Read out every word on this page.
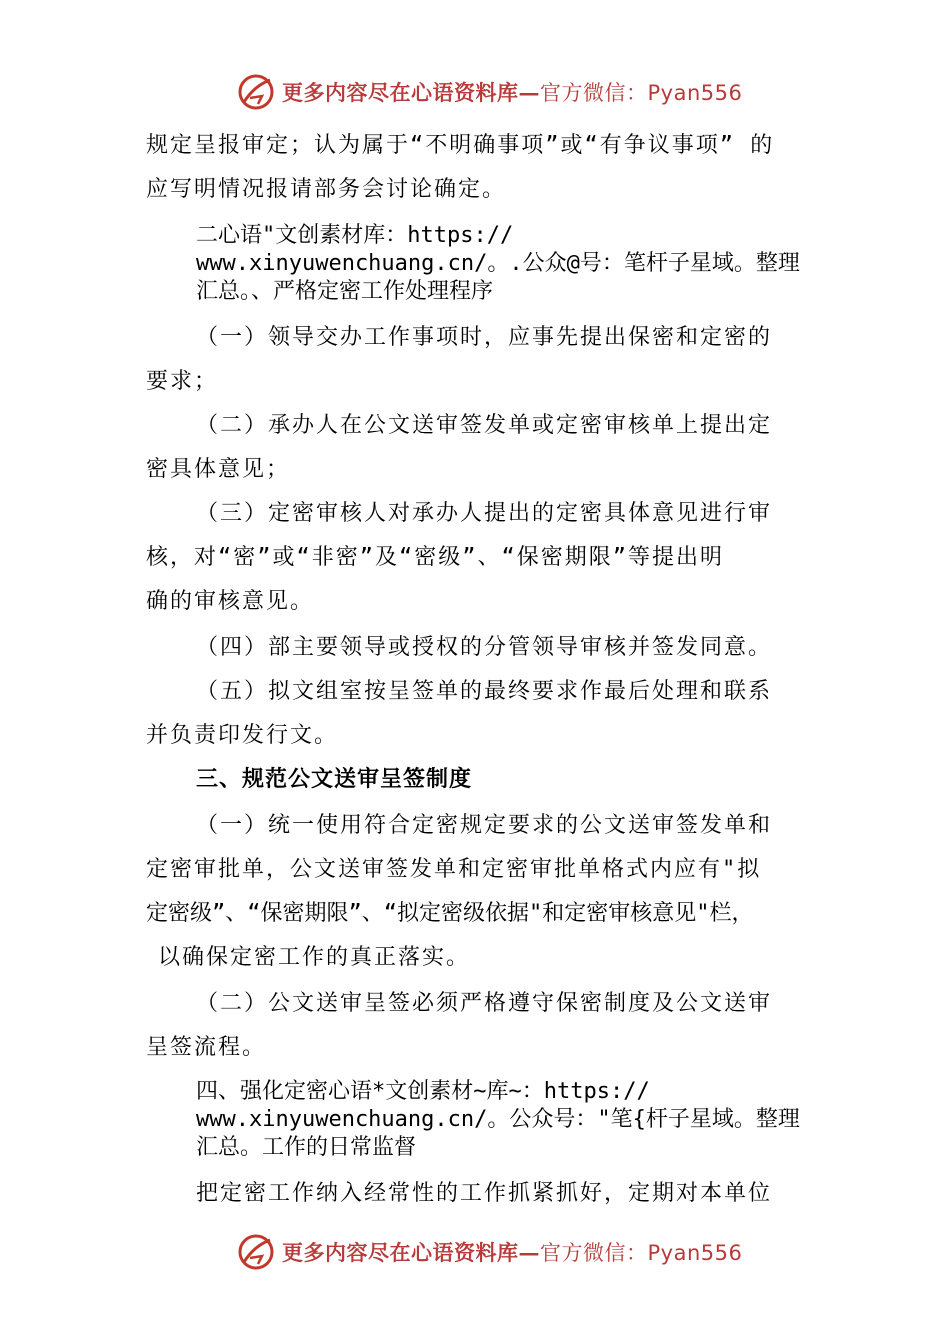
更多内容尽在心语资料库—官方微信：Pyan556
规定呈报审定；认为属于“不明确事项”或“有争议事项” 的
应写明情况报请部务会讨论确定。
二心语"文创素材库：https://
www.xinyuwenchuang.cn/。.公众@号：笔杆子星域。整理
汇总。、严格定密工作处理程序
（一）领导交办工作事项时，应事先提出保密和定密的
要求；
（二）承办人在公文送审签发单或定密审核单上提出定
密具体意见；
（三）定密审核人对承办人提出的定密具体意见进行审
核，对“密”或“非密”及“密级”、“保密期限”等提出明
确的审核意见。
（四）部主要领导或授权的分管领导审核并签发同意。
（五）拟文组室按呈签单的最终要求作最后处理和联系
并负责印发行文。
三、规范公文送审呈签制度
（一）统一使用符合定密规定要求的公文送审签发单和
定密审批单，公文送审签发单和定密审批单格式内应有"拟
定密级”、“保密期限”、“拟定密级依据"和定密审核意见"栏，
以确保定密工作的真正落实。
（二）公文送审呈签必须严格遵守保密制度及公文送审
呈签流程。
四、强化定密心语*文创素材~库~：https://
www.xinyuwenchuang.cn/。公众号："笔{杆子星域。整理
汇总。工作的日常监督
把定密工作纳入经常性的工作抓紧抓好，定期对本单位
更多内容尽在心语资料库—官方微信：Pyan556
